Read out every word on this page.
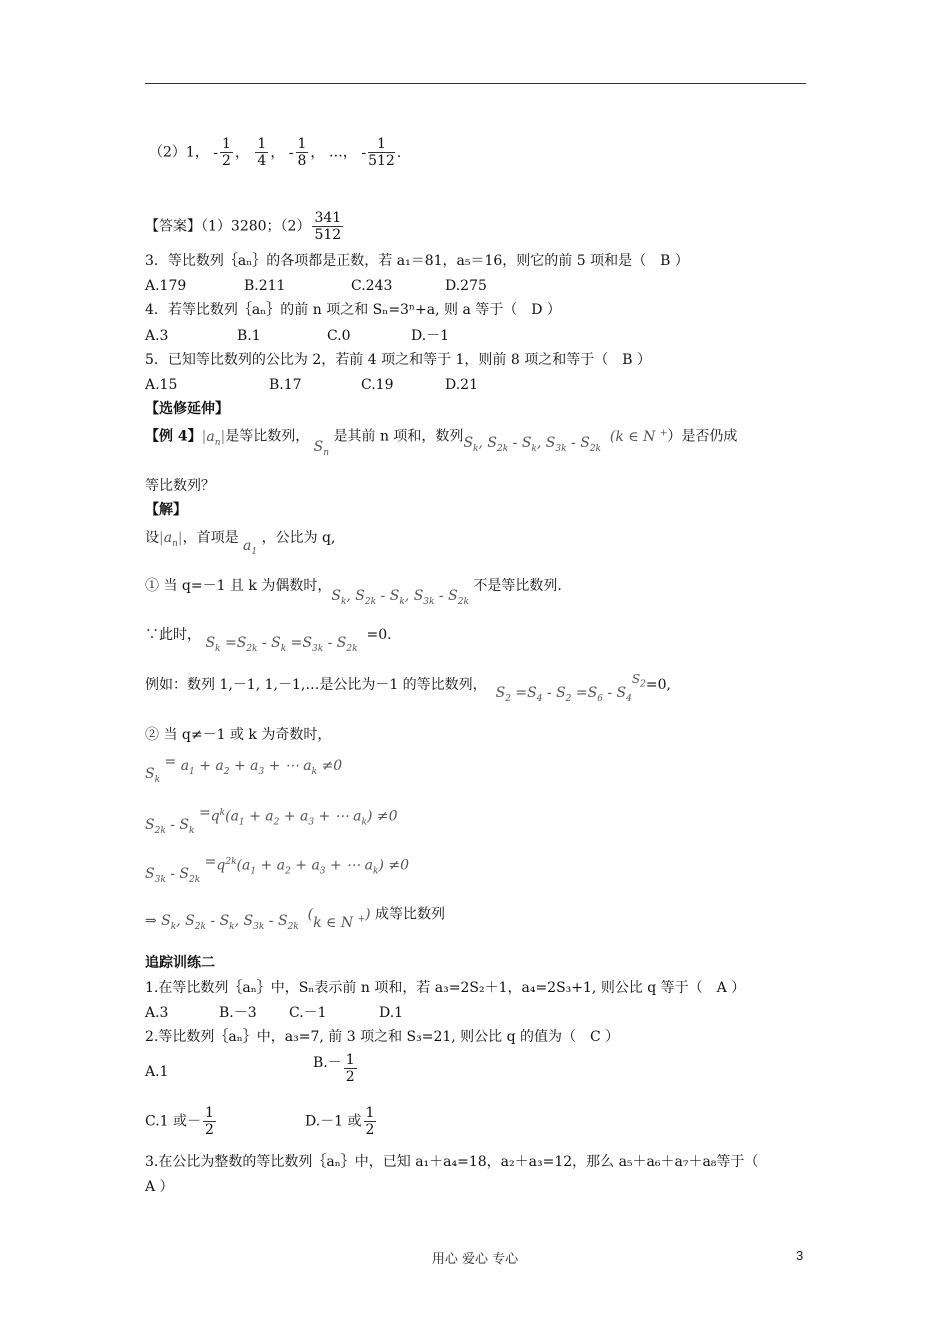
（2）1， - $\frac{1}{2}$ ， $\frac{1}{4}$ ， - $\frac{1}{8}$ ， …， - $\frac{1}{512}$ .
【答案】（1）3280；$(2) \frac{341}{512}$
3．等比数列｛aₙ｝的各项都是正数，若 a₁＝81，a₅＝16，则它的前 5 项和是（　B ）
A.179	B.211	C.243	D.275
4．若等比数列｛aₙ｝的前 n 项之和 Sₙ=3ⁿ+a, 则 a 等于（　D ）
A.3	B.1	C.0	D.－1
5．已知等比数列的公比为 2，若前 4 项之和等于 1，则前 8 项之和等于（　B ）
A.15	B.17	C.19	D.21
【选修延伸】
【例 4】$|a_n|$是等比数列， $S_n$ 是其前 n 项和，数列$S_k$, $S_{2k} - S_k$, $S_{3k} - S_{2k}$  (k ∈ N +）是否仍成
等比数列？
【解】
设$|a_n|$，首项是 $a_1$ ，公比为 q,
① 当 q=－1 且 k 为偶数时，$S_k$, $S_{2k} - S_k$, $S_{3k} - S_{2k}$ 不是等比数列.
∵此时， $S_k =S_{2k} - S_k =S_{3k} - S_{2k} =0$.
例如：数列 1,－1, 1,－1,…是公比为－1 的等比数列， $S_2 =S_4 - S_2 =S_6 - S_4S_2=0$,
② 当 q≠－1 或 k 为奇数时，
$S_k = a_1 + a_2 + a_3$ + ⋯ $a_k \ne 0$
$S_{2k} - S_k =q^k(a_1 + a_2 + a_3$ + ⋯ $a_k) \ne 0$
$S_{3k} - S_{2k} =q^{2k}(a_1 + a_2 + a_3$ + ⋯ $a_k) \ne 0$
⇒ $S_k$, $S_{2k} - S_k$, $S_{3k} - S_{2k}$  (k ∈ N +) 成等比数列
追踪训练二
1.在等比数列｛aₙ｝中，Sₙ表示前 n 项和，若 a₃=2S₂＋1，a₄=2S₃+1, 则公比 q 等于（　A ）
A.3	B.－3 C.－1	D.1
2.等比数列｛aₙ｝中，a₃=7, 前 3 项之和 S₃=21, 则公比 q 的值为（　C ）
A.1
$B.- \frac{1}{2}$
C.1 或－ $\frac{1}{2}$	D.－1 或 $\frac{1}{2}$
3.在公比为整数的等比数列｛aₙ｝中，已知 a₁＋a₄=18，a₂＋a₃=12，那么 a₅＋a₆＋a₇＋a₈等于（
A ）
用心 爱心 专心	3
